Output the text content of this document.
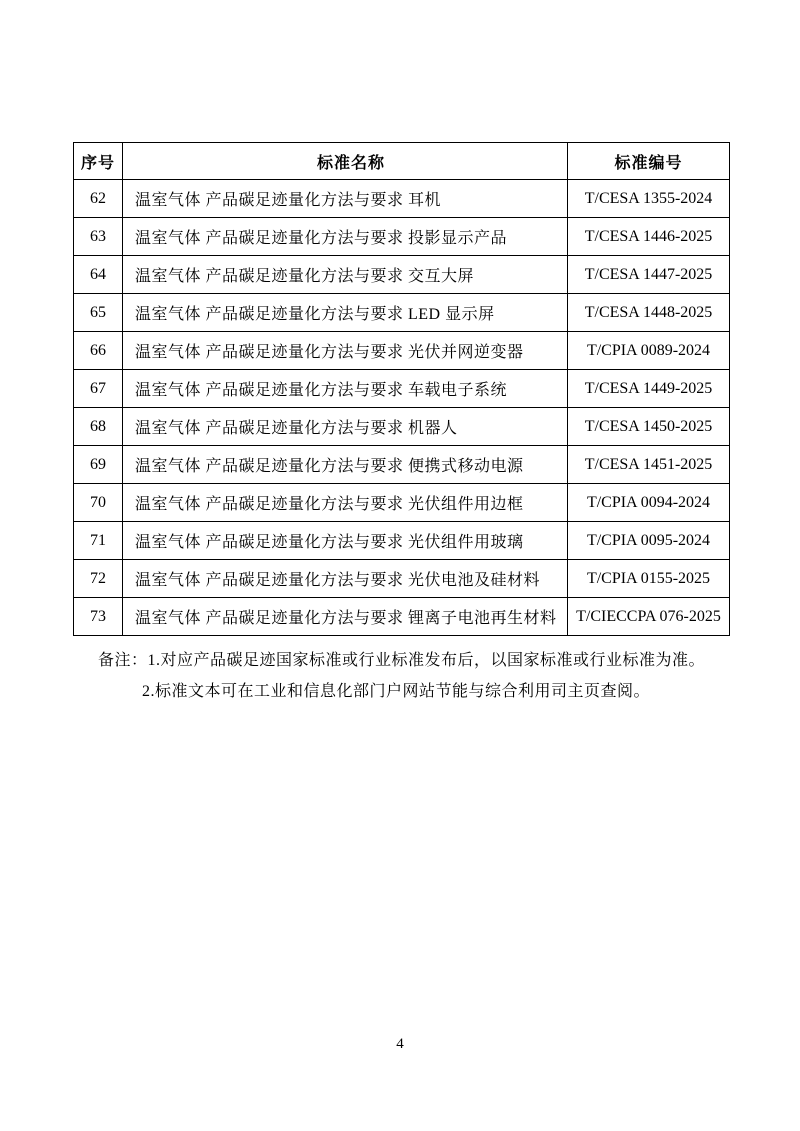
序号	标准名称	标准编号
62	温室气体 产品碳足迹量化方法与要求 耳机	T/CESA 1355-2024
63	温室气体 产品碳足迹量化方法与要求 投影显示产品	T/CESA 1446-2025
64	温室气体 产品碳足迹量化方法与要求 交互大屏	T/CESA 1447-2025
65	温室气体 产品碳足迹量化方法与要求 LED 显示屏	T/CESA 1448-2025
66	温室气体 产品碳足迹量化方法与要求 光伏并网逆变器	T/CPIA 0089-2024
67	温室气体 产品碳足迹量化方法与要求 车载电子系统	T/CESA 1449-2025
68	温室气体 产品碳足迹量化方法与要求 机器人	T/CESA 1450-2025
69	温室气体 产品碳足迹量化方法与要求 便携式移动电源	T/CESA 1451-2025
70	温室气体 产品碳足迹量化方法与要求 光伏组件用边框	T/CPIA 0094-2024
71	温室气体 产品碳足迹量化方法与要求 光伏组件用玻璃	T/CPIA 0095-2024
72	温室气体 产品碳足迹量化方法与要求 光伏电池及硅材料	T/CPIA 0155-2025
73	温室气体 产品碳足迹量化方法与要求 锂离子电池再生材料	T/CIECCPA 076-2025
备注：1.对应产品碳足迹国家标准或行业标准发布后，以国家标准或行业标准为准。
2.标准文本可在工业和信息化部门户网站节能与综合利用司主页查阅。
4
